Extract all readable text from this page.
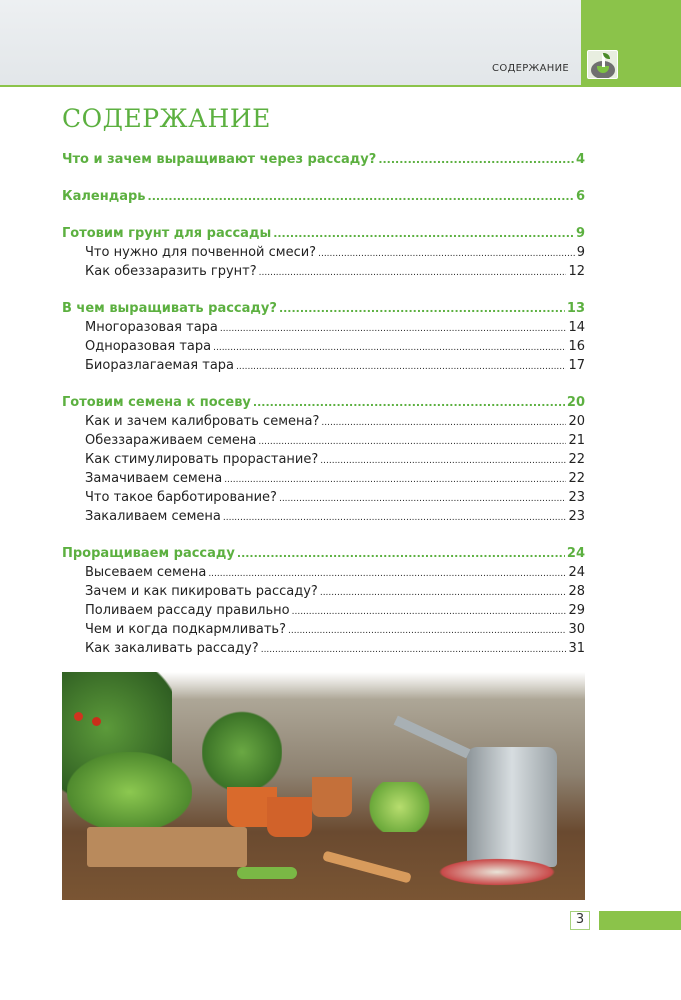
СОДЕРЖАНИЕ
СОДЕРЖАНИЕ
Что и зачем выращивают через рассаду? .....	4
Календарь .....	6
Готовим грунт для рассады .....	9
Что нужно для почвенной смеси? .....	9
Как обеззаразить грунт? .....	12
В чем выращивать рассаду? .....	13
Многоразовая тара .....	14
Одноразовая тара .....	16
Биоразлагаемая тара .....	17
Готовим семена к посеву .....	20
Как и зачем калибровать семена? .....	20
Обеззараживаем семена .....	21
Как стимулировать прорастание? .....	22
Замачиваем семена .....	22
Что такое барботирование? .....	23
Закаливаем семена .....	23
Проращиваем рассаду .....	24
Высеваем семена .....	24
Зачем и как пикировать рассаду? .....	28
Поливаем рассаду правильно .....	29
Чем и когда подкармливать? .....	30
Как закаливать рассаду? .....	31
3
